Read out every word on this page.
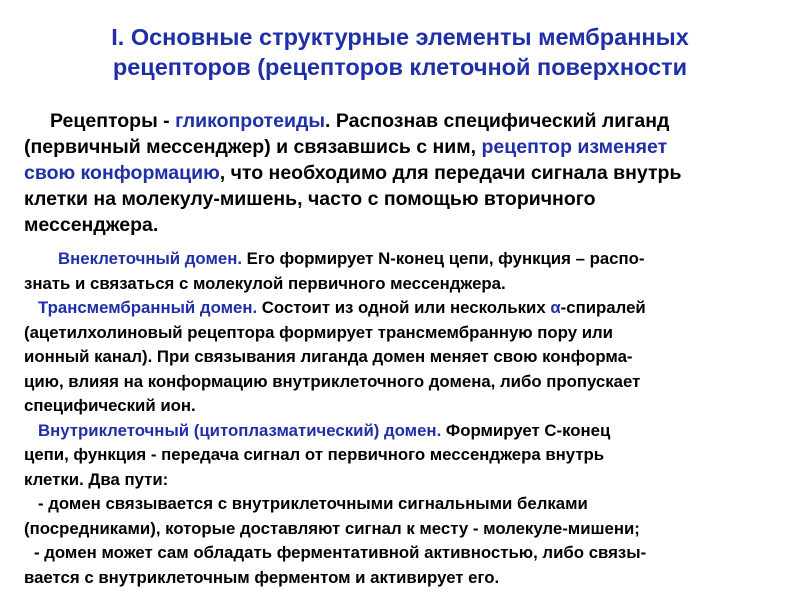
I. Основные структурные элементы мембранных
рецепторов (рецепторов клеточной поверхности

Рецепторы - гликопротеиды. Распознав специфический лиганд
(первичный мессенджер) и связавшись с ним, рецептор изменяет
свою конформацию, что необходимо для передачи сигнала внутрь
клетки на молекулу-мишень, часто с помощью вторичного
мессенджера.

Внеклеточный домен. Его формирует N-конец цепи, функция – распо-
знать и связаться с молекулой первичного мессенджера.

Трансмембранный домен. Состоит из одной или нескольких α-спиралей
(ацетилхолиновый рецептора формирует трансмембранную пору или
ионный канал). При связывания лиганда домен меняет свою конформа-
цию, влияя на конформацию внутриклеточного домена, либо пропускает
специфический ион.

Внутриклеточный (цитоплазматический) домен. Формирует С-конец
цепи, функция - передача сигнал от первичного мессенджера внутрь
клетки. Два пути:
- домен связывается с внутриклеточными сигнальными белками
(посредниками), которые доставляют сигнал к месту - молекуле-мишени;
- домен может сам обладать ферментативной активностью, либо связы-
вается с внутриклеточным ферментом и активирует его.
